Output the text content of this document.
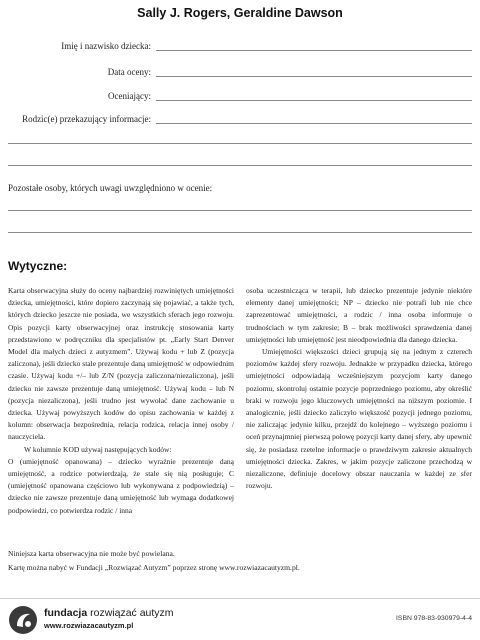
Sally J. Rogers, Geraldine Dawson
Imię i nazwisko dziecka:
Data oceny:
Oceniający:
Rodzic(e) przekazujący informacje:
Pozostałe osoby, których uwagi uwzględniono w ocenie:
Wytyczne:

Karta obserwacyjna służy do oceny najbardziej rozwiniętych umiejętności dziecka, umiejętności, które dopiero zaczynają się pojawiać, a także tych, których dziecko jeszcze nie posiada, we wszystkich sferach jego rozwoju. Opis pozycji karty obserwacyjnej oraz instrukcję stosowania karty przedstawiono w podręczniku dla specjalistów pt. „Early Start Denver Model dla małych dzieci z autyzmem”. Używaj kodu + lub Z (pozycja zaliczona), jeśli dziecko stale prezentuje daną umiejętność w odpowiednim czasie. Używaj kodu +/– lub Z/N (pozycja zaliczona/niezaliczona), jeśli dziecko nie zawsze prezentuje daną umiejętność. Używaj kodu – lub N (pozycja niezaliczona), jeśli trudno jest wywołać dane zachowanie u dziecka. Używaj powyższych kodów do opisu zachowania w każdej z kolumn: obserwacja bezpośrednia, relacja rodzica, relacja innej osoby / nauczyciela.

W kolumnie KOD używaj następujących kodów:

O (umiejętność opanowana) – dziecko wyraźnie prezentuje daną umiejętność, a rodzice potwierdzają, że stale się nią posługuje; C (umiejętność opanowana częściowo lub wykonywana z podpowiedzią) – dziecko nie zawsze prezentuje daną umiejętność lub wymaga dodatkowej podpowiedzi, co potwierdza rodzic / inna

osoba uczestnicząca w terapii, lub dziecko prezentuje jedynie niektóre elementy danej umiejętności; NP – dziecko nie potrafi lub nie chce zaprezentować umiejętności, a rodzic / inna osoba informuje o trudnościach w tym zakresie; B – brak możliwości sprawdzenia danej umiejętności lub umiejętność jest nieodpowiednia dla danego dziecka.

Umiejętności większości dzieci grupują się na jednym z czterech poziomów każdej sfery rozwoju. Jednakże w przypadku dziecka, którego umiejętności odpowiadają wcześniejszym pozycjom karty danego poziomu, skontroluj ostatnie pozycje poprzedniego poziomu, aby określić braki w rozwoju jego kluczowych umiejętności na niższym poziomie. I analogicznie, jeśli dziecko zaliczyło większość pozycji jednego poziomu, nie zaliczając jedynie kilku, przejdź do kolejnego – wyższego poziomu i oceń przynajmniej pierwszą połowę pozycji karty danej sfery, aby upewnić się, że posiadasz rzetelne informacje o prawdziwym zakresie aktualnych umiejętności dziecka. Zakres, w jakim pozycje zaliczone przechodzą w niezaliczone, definiuje docelowy obszar nauczania w każdej ze sfer rozwoju.

Niniejsza karta obserwacyjna nie może być powielana.
Kartę można nabyć w Fundacji „Rozwiązać Autyzm” poprzez stronę www.rozwiazacautyzm.pl.
fundacja rozwiązać autyzm
www.rozwiazacautyzm.pl
ISBN 978-83-930979-4-4
